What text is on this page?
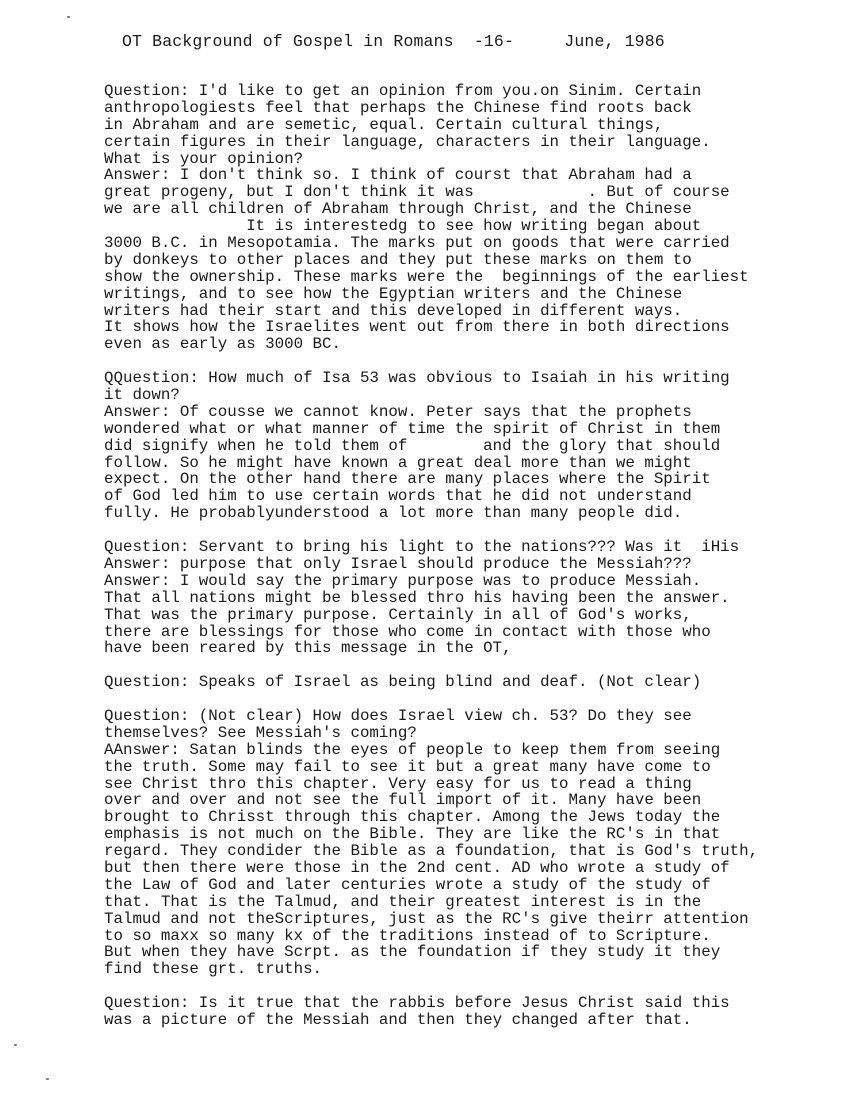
OT Background of Gospel in Romans -16-	June, 1986
Question: I'd like to get an opinion from you.on Sinim. Certain
anthropologiests feel that perhaps the Chinese find roots back
in Abraham and are semetic, equal. Certain cultural things,
certain figures in their language, characters in their language.
What is your opinion?
Answer: I don't think so. I think of courst that Abraham had a
great progeny, but I don't think it was            . But of course
we are all children of Abraham through Christ, and the Chinese
It is interestedg to see how writing began about
3000 B.C. in Mesopotamia. The marks put on goods that were carried
by donkeys to other places and they put these marks on them to
show the ownership. These marks were the  beginnings of the earliest
writings, and to see how the Egyptian writers and the Chinese
writers had their start and this developed in different ways.
It shows how the Israelites went out from there in both directions
even as early as 3000 BC.
QQuestion: How much of Isa 53 was obvious to Isaiah in his writing
it down?
Answer: Of cousse we cannot know. Peter says that the prophets
wondered what or what manner of time the spirit of Christ in them
did signify when he told them of        and the glory that should
follow. So he might have known a great deal more than we might
expect. On the other hand there are many places where the Spirit
of God led him to use certain words that he did not understand
fully. He probablyunderstood a lot more than many people did.
Question: Servant to bring his light to the nations??? Was it  iHis
Answer: purpose that only Israel should produce the Messiah???
Answer: I would say the primary purpose was to produce Messiah.
That all nations might be blessed thro his having been the answer.
That was the primary purpose. Certainly in all of God's works,
there are blessings for those who come in contact with those who
have been reared by this message in the OT,
Question: Speaks of Israel as being blind and deaf. (Not clear)
Question: (Not clear) How does Israel view ch. 53? Do they see
themselves? See Messiah's coming?
AAnswer: Satan blinds the eyes of people to keep them from seeing
the truth. Some may fail to see it but a great many have come to
see Christ thro this chapter. Very easy for us to read a thing
over and over and not see the full import of it. Many have been
brought to Chrisst through this chapter. Among the Jews today the
emphasis is not much on the Bible. They are like the RC's in that
regard. They condider the Bible as a foundation, that is God's truth,
but then there were those in the 2nd cent. AD who wrote a study of
the Law of God and later centuries wrote a study of the study of
that. That is the Talmud, and their greatest interest is in the
Talmud and not theScriptures, just as the RC's give theirr attention
to so maxx so many kx of the traditions instead of to Scripture.
But when they have Scrpt. as the foundation if they study it they
find these grt. truths.
Question: Is it true that the rabbis before Jesus Christ said this
was a picture of the Messiah and then they changed after that.
